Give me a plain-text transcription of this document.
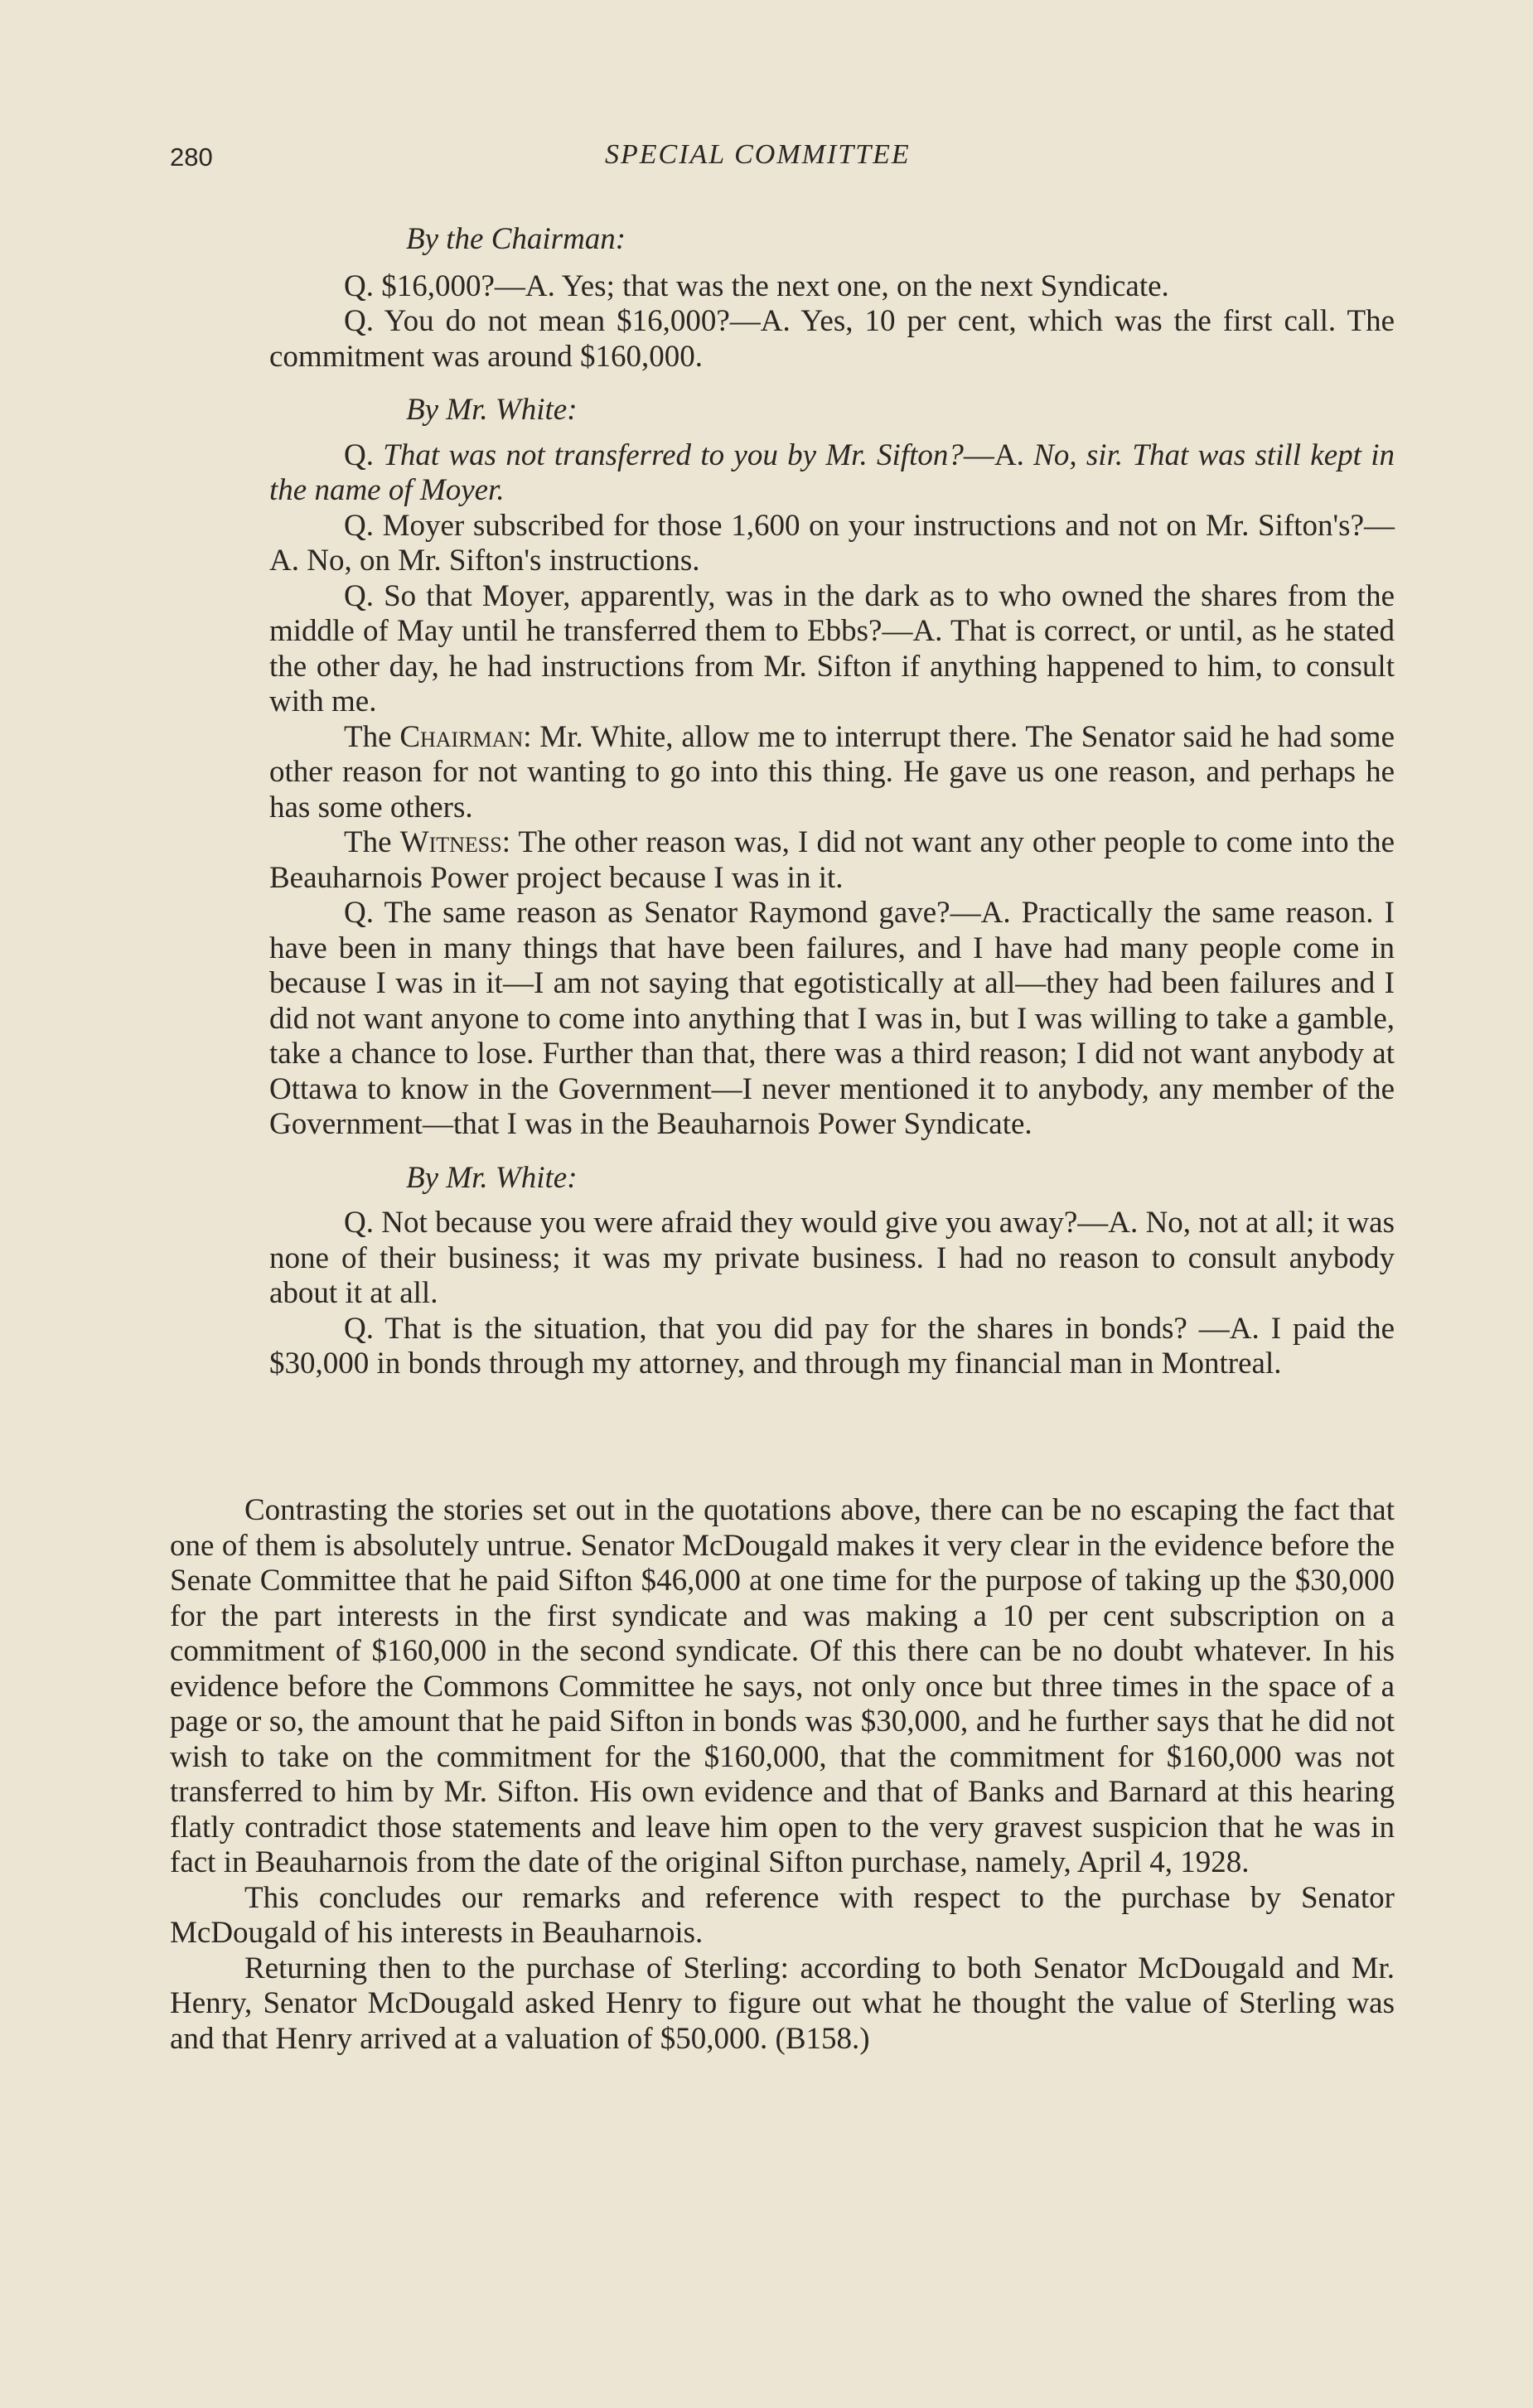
280	SPECIAL COMMITTEE

By the Chairman:

Q. $16,000?—A. Yes; that was the next one, on the next Syndicate.

Q. You do not mean $16,000?—A. Yes, 10 per cent, which was the first call. The commitment was around $160,000.

By Mr. White:

Q. That was not transferred to you by Mr. Sifton?—A. No, sir. That was still kept in the name of Moyer.

Q. Moyer subscribed for those 1,600 on your instructions and not on Mr. Sifton's?—A. No, on Mr. Sifton's instructions.

Q. So that Moyer, apparently, was in the dark as to who owned the shares from the middle of May until he transferred them to Ebbs?—A. That is correct, or until, as he stated the other day, he had instructions from Mr. Sifton if anything happened to him, to consult with me.

The Chairman: Mr. White, allow me to interrupt there. The Senator said he had some other reason for not wanting to go into this thing. He gave us one reason, and perhaps he has some others.

The Witness: The other reason was, I did not want any other people to come into the Beauharnois Power project because I was in it.

Q. The same reason as Senator Raymond gave?—A. Practically the same reason. I have been in many things that have been failures, and I have had many people come in because I was in it—I am not saying that egotistically at all—they had been failures and I did not want anyone to come into anything that I was in, but I was willing to take a gamble, take a chance to lose. Further than that, there was a third reason; I did not want anybody at Ottawa to know in the Government—I never mentioned it to anybody, any member of the Government—that I was in the Beauharnois Power Syndicate.

By Mr. White:

Q. Not because you were afraid they would give you away?—A. No, not at all; it was none of their business; it was my private business. I had no reason to consult anybody about it at all.

Q. That is the situation, that you did pay for the shares in bonds? —A. I paid the $30,000 in bonds through my attorney, and through my financial man in Montreal.

Contrasting the stories set out in the quotations above, there can be no escaping the fact that one of them is absolutely untrue. Senator McDougald makes it very clear in the evidence before the Senate Committee that he paid Sifton $46,000 at one time for the purpose of taking up the $30,000 for the part interests in the first syndicate and was making a 10 per cent subscription on a commitment of $160,000 in the second syndicate. Of this there can be no doubt whatever. In his evidence before the Commons Committee he says, not only once but three times in the space of a page or so, the amount that he paid Sifton in bonds was $30,000, and he further says that he did not wish to take on the commitment for the $160,000, that the commitment for $160,000 was not transferred to him by Mr. Sifton. His own evidence and that of Banks and Barnard at this hearing flatly contradict those statements and leave him open to the very gravest suspicion that he was in fact in Beauharnois from the date of the original Sifton purchase, namely, April 4, 1928.

This concludes our remarks and reference with respect to the purchase by Senator McDougald of his interests in Beauharnois.

Returning then to the purchase of Sterling: according to both Senator McDougald and Mr. Henry, Senator McDougald asked Henry to figure out what he thought the value of Sterling was and that Henry arrived at a valuation of $50,000. (B158.)
